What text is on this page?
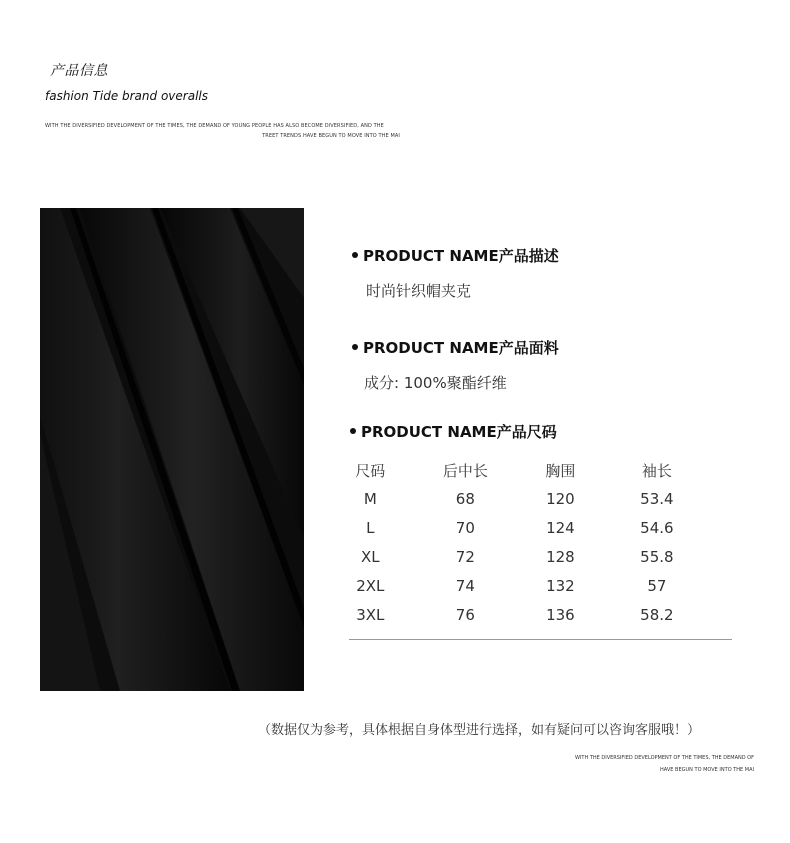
产品信息
fashion Tide brand overalls
WITH THE DIVERSIFIED DEVELOPMENT OF THE TIMES, THE DEMAND OF YOUNG PEOPLE HAS ALSO BECOME DIVERSIFIED, AND THE
TREET TRENDS HAVE BEGUN TO MOVE INTO THE MAI
PRODUCT NAME产品描述
时尚针织帽夹克
PRODUCT NAME产品面料
成分: 100%聚酯纤维
PRODUCT NAME产品尺码
尺码	后中长	胸围	袖长
M	68	120	53.4
L	70	124	54.6
XL	72	128	55.8
2XL	74	132	57
3XL	76	136	58.2
（数据仅为参考，具体根据自身体型进行选择，如有疑问可以咨询客服哦！）
WITH THE DIVERSIFIED DEVELOPMENT OF THE TIMES, THE DEMAND OF
HAVE BEGUN TO MOVE INTO THE MAI
